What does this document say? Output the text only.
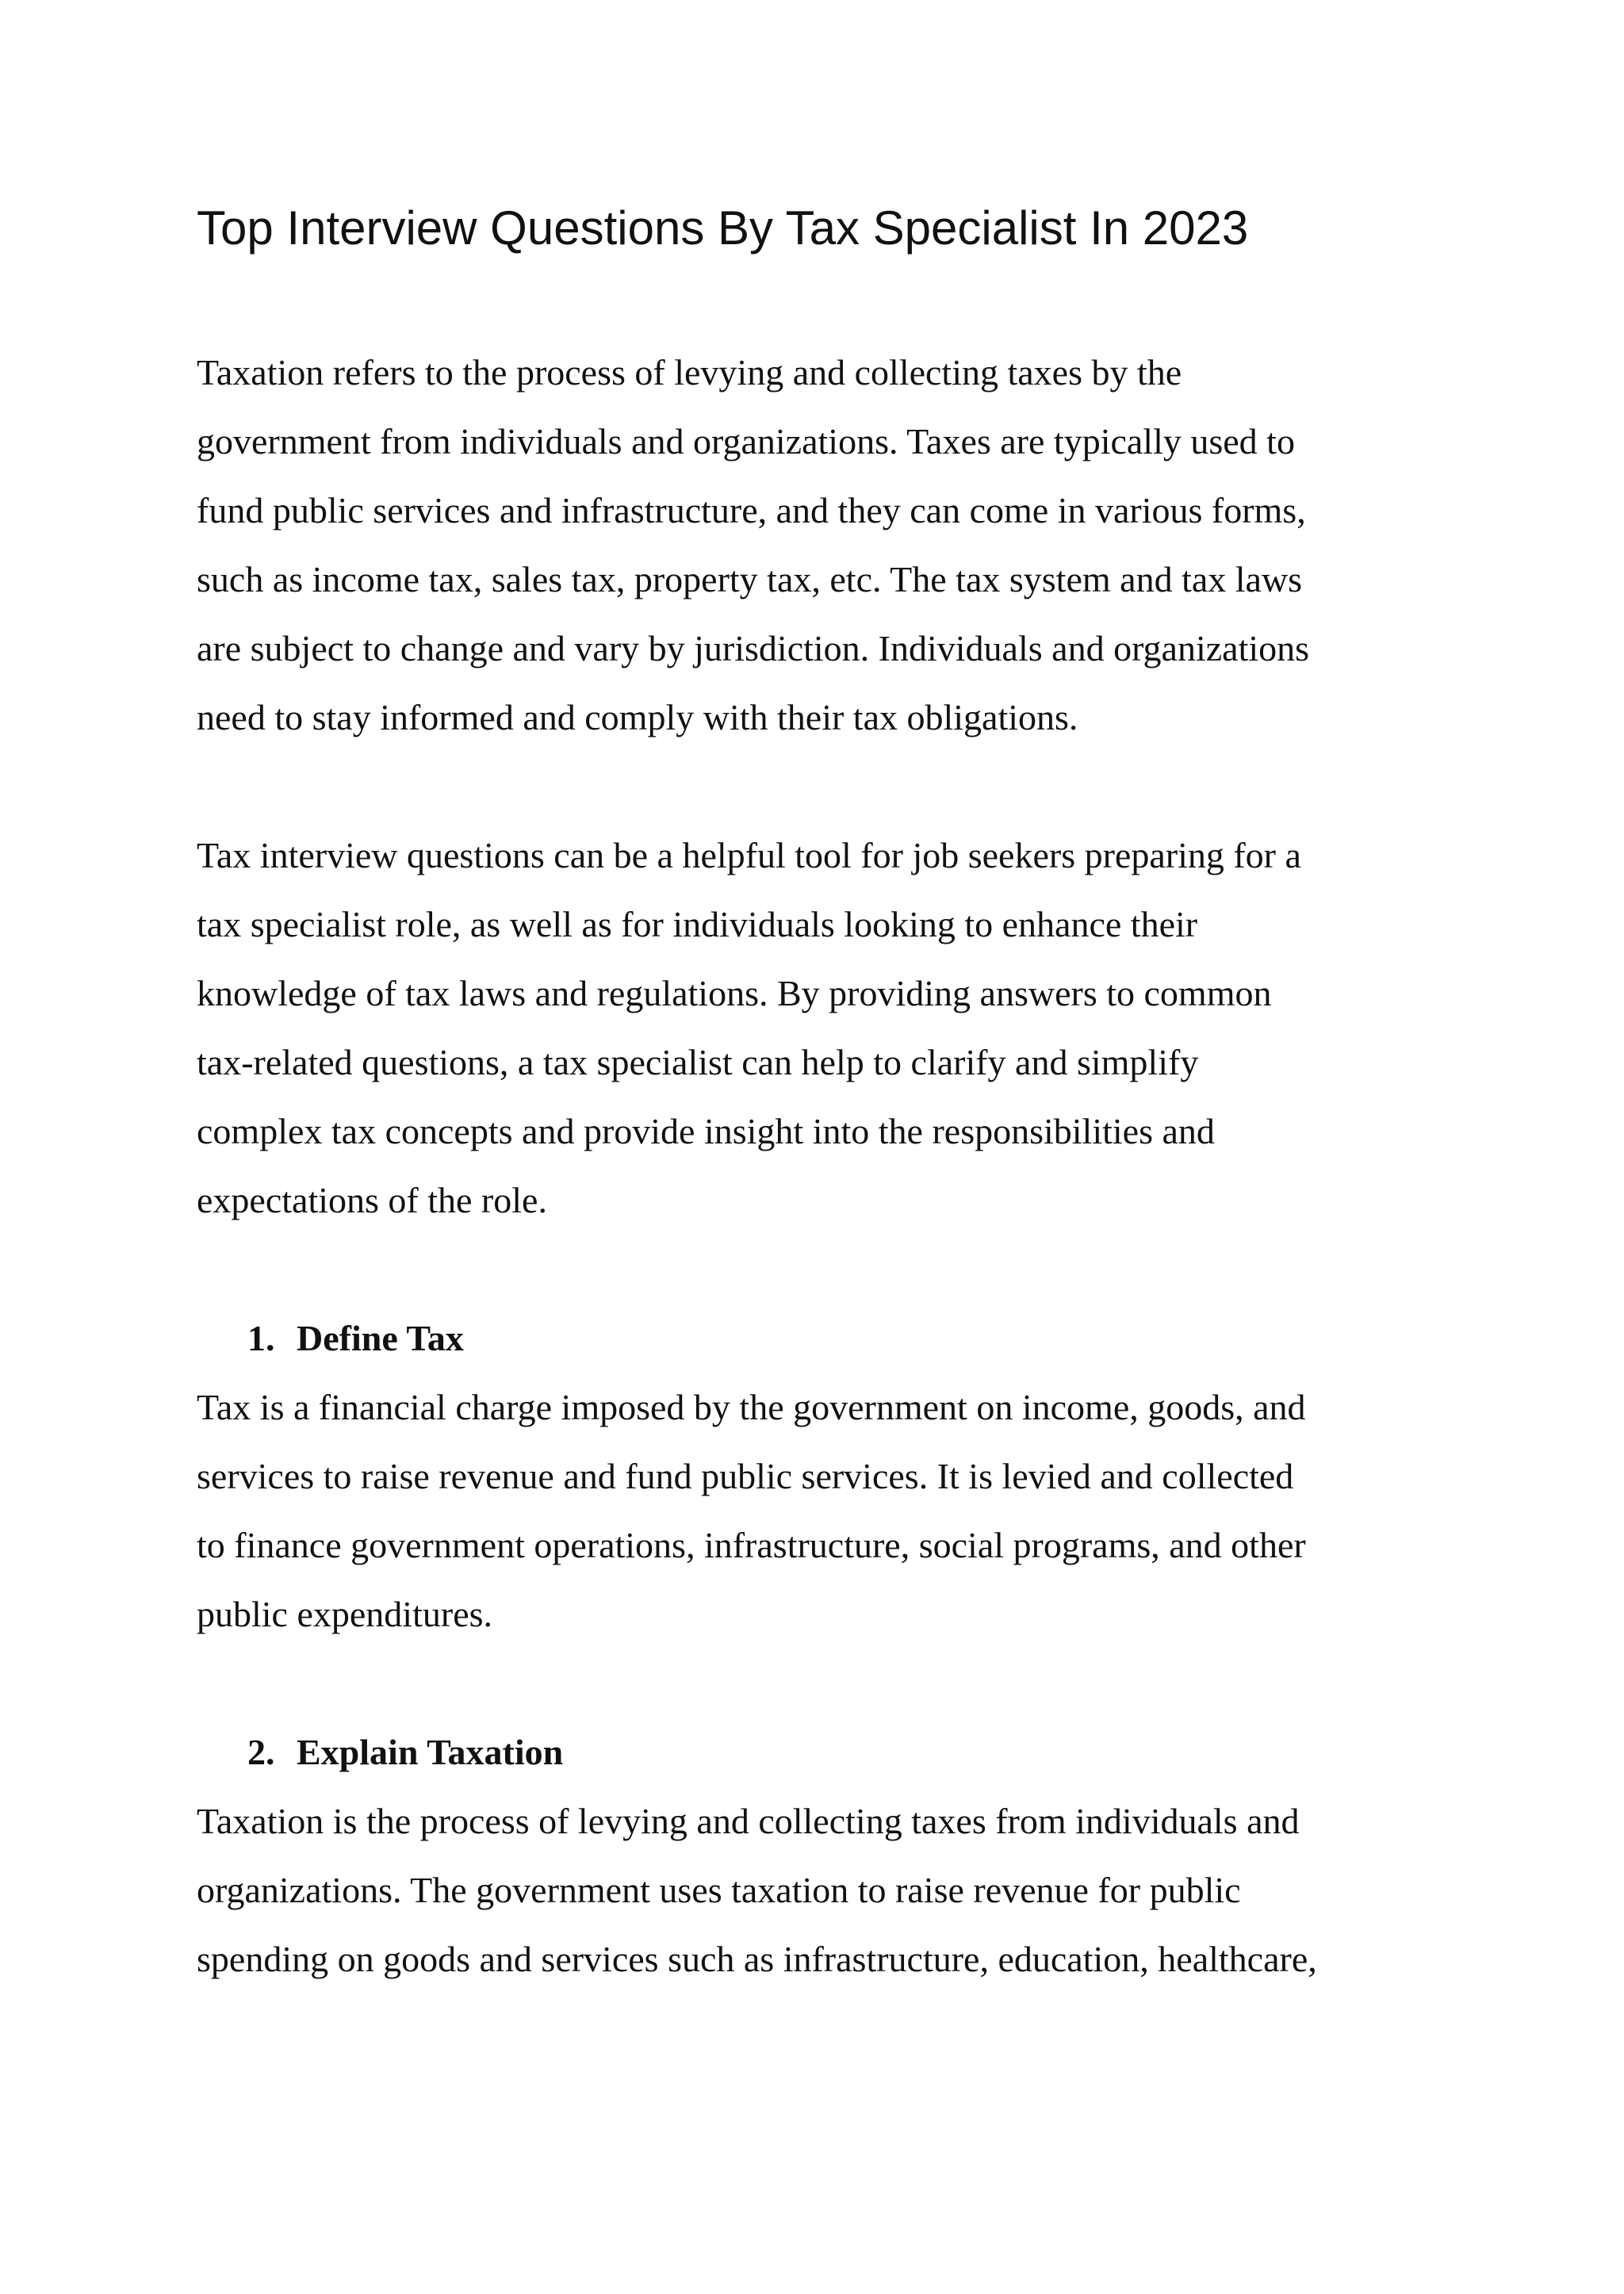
Top Interview Questions By Tax Specialist In 2023

Taxation refers to the process of levying and collecting taxes by the
government from individuals and organizations. Taxes are typically used to
fund public services and infrastructure, and they can come in various forms,
such as income tax, sales tax, property tax, etc. The tax system and tax laws
are subject to change and vary by jurisdiction. Individuals and organizations
need to stay informed and comply with their tax obligations.

Tax interview questions can be a helpful tool for job seekers preparing for a
tax specialist role, as well as for individuals looking to enhance their
knowledge of tax laws and regulations. By providing answers to common
tax-related questions, a tax specialist can help to clarify and simplify
complex tax concepts and provide insight into the responsibilities and
expectations of the role.

1. Define Tax

Tax is a financial charge imposed by the government on income, goods, and
services to raise revenue and fund public services. It is levied and collected
to finance government operations, infrastructure, social programs, and other
public expenditures.

2. Explain Taxation

Taxation is the process of levying and collecting taxes from individuals and
organizations. The government uses taxation to raise revenue for public
spending on goods and services such as infrastructure, education, healthcare,
